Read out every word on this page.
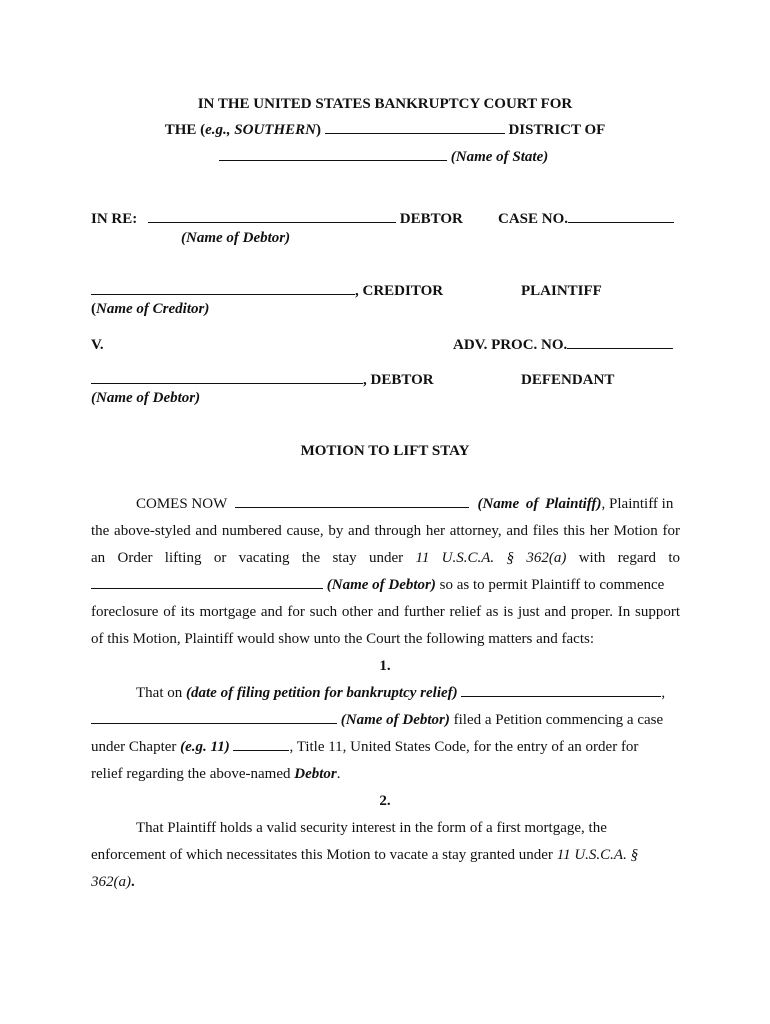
IN THE UNITED STATES BANKRUPTCY COURT FOR
THE (e.g., SOUTHERN)	DISTRICT OF
(Name of State)
IN RE:	DEBTOR CASE NO.
(Name of Debtor)
, CREDITOR	PLAINTIFF
(Name of Creditor)
V.	ADV. PROC. NO.
, DEBTOR	DEFENDANT
(Name of Debtor)
MOTION TO LIFT STAY
COMES NOW	(Name of Plaintiff), Plaintiff in
the above-styled and numbered cause, by and through her attorney, and files this her Motion for
an Order lifting or vacating the stay under 11 U.S.C.A. § 362(a) with regard to
(Name of Debtor) so as to permit Plaintiff to commence
foreclosure of its mortgage and for such other and further relief as is just and proper. In support
of this Motion, Plaintiff would show unto the Court the following matters and facts:
1.
That on (date of filing petition for bankruptcy relief)	,
(Name of Debtor) filed a Petition commencing a case
under Chapter (e.g. 11)	, Title 11, United States Code, for the entry of an order for
relief regarding the above-named Debtor.
2.
That Plaintiff holds a valid security interest in the form of a first mortgage, the
enforcement of which necessitates this Motion to vacate a stay granted under 11 U.S.C.A. §
362(a).
